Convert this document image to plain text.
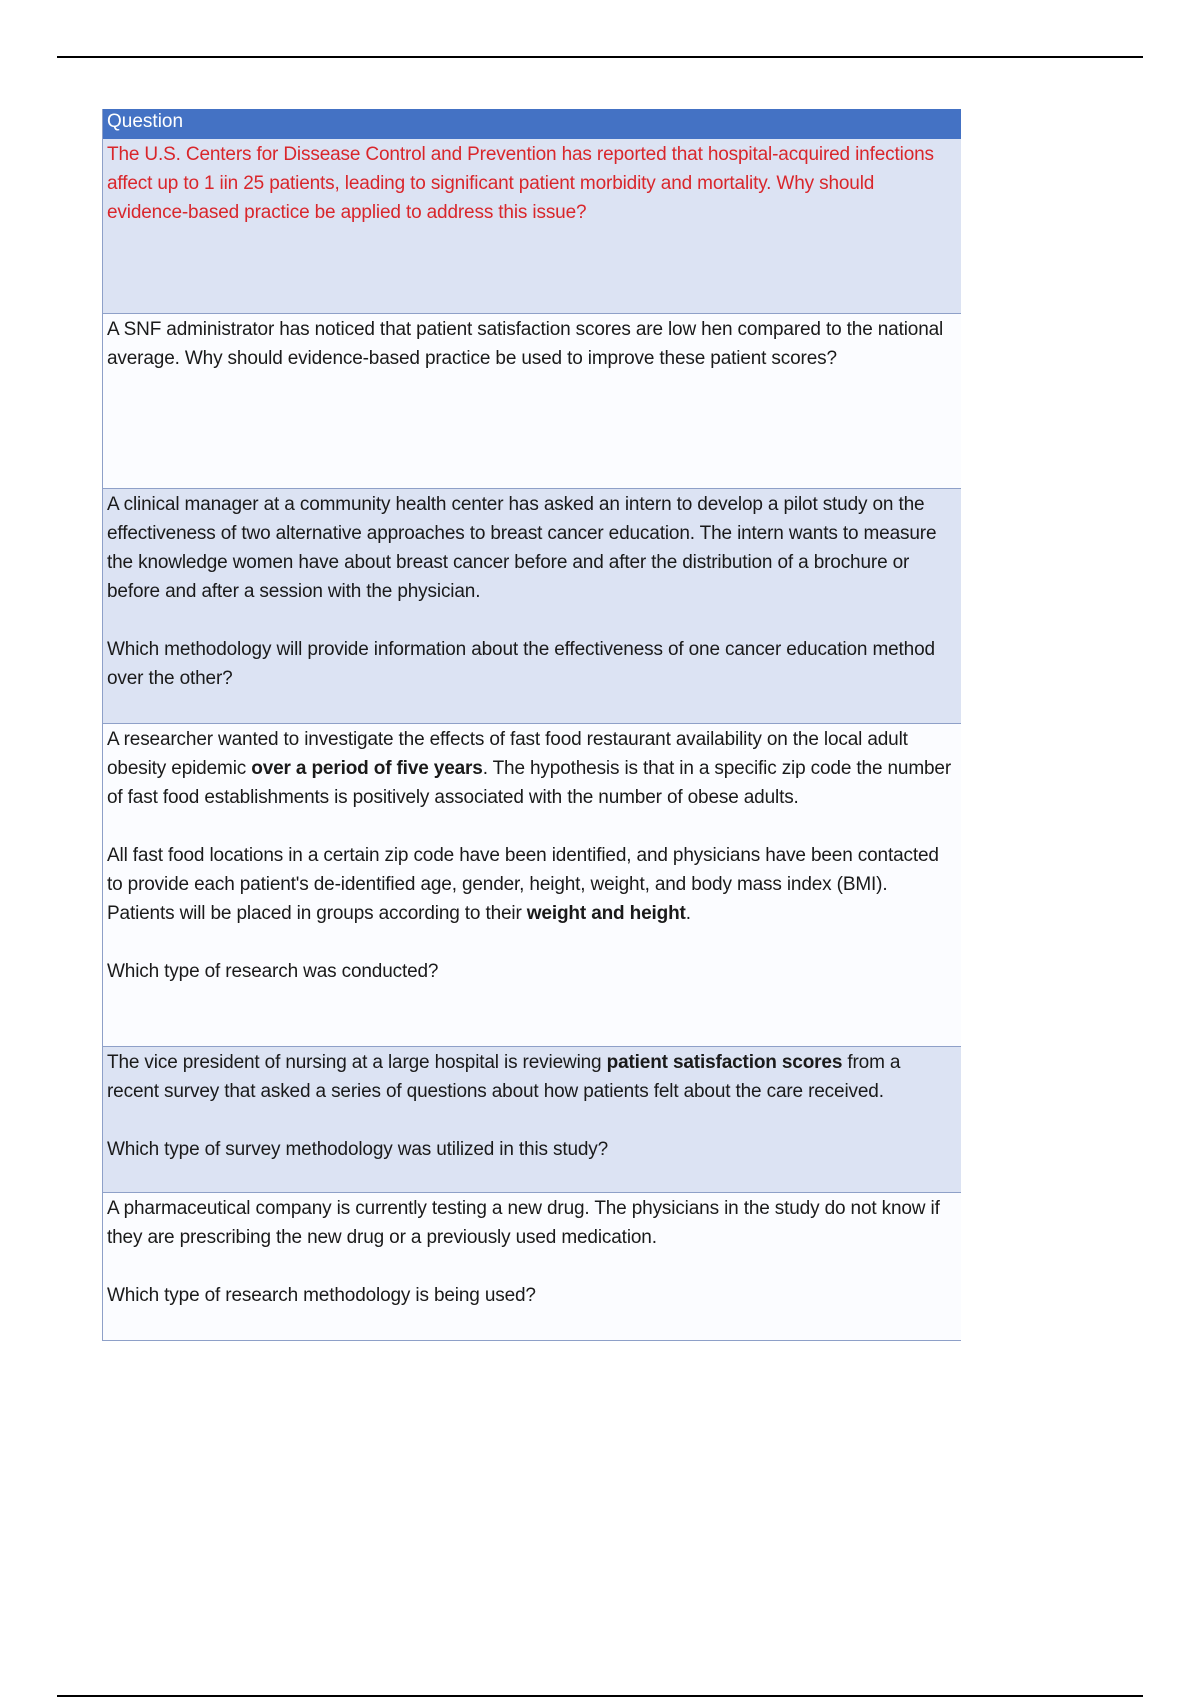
Question
The U.S. Centers for Dissease Control and Prevention has reported that hospital-acquired infections affect up to 1 iin 25 patients, leading to significant patient morbidity and mortality. Why should evidence-based practice be applied to address this issue?
A SNF administrator has noticed that patient satisfaction scores are low hen compared to the national average. Why should evidence-based practice be used to improve these patient scores?
A clinical manager at a community health center has asked an intern to develop a pilot study on the effectiveness of two alternative approaches to breast cancer education. The intern wants to measure the knowledge women have about breast cancer before and after the distribution of a brochure or before and after a session with the physician.
Which methodology will provide information about the effectiveness of one cancer education method over the other?
A researcher wanted to investigate the effects of fast food restaurant availability on the local adult obesity epidemic over a period of five years. The hypothesis is that in a specific zip code the number of fast food establishments is positively associated with the number of obese adults.
All fast food locations in a certain zip code have been identified, and physicians have been contacted to provide each patient's de-identified age, gender, height, weight, and body mass index (BMI). Patients will be placed in groups according to their weight and height.
Which type of research was conducted?
The vice president of nursing at a large hospital is reviewing patient satisfaction scores from a recent survey that asked a series of questions about how patients felt about the care received.
Which type of survey methodology was utilized in this study?
A pharmaceutical company is currently testing a new drug. The physicians in the study do not know if they are prescribing the new drug or a previously used medication.
Which type of research methodology is being used?
